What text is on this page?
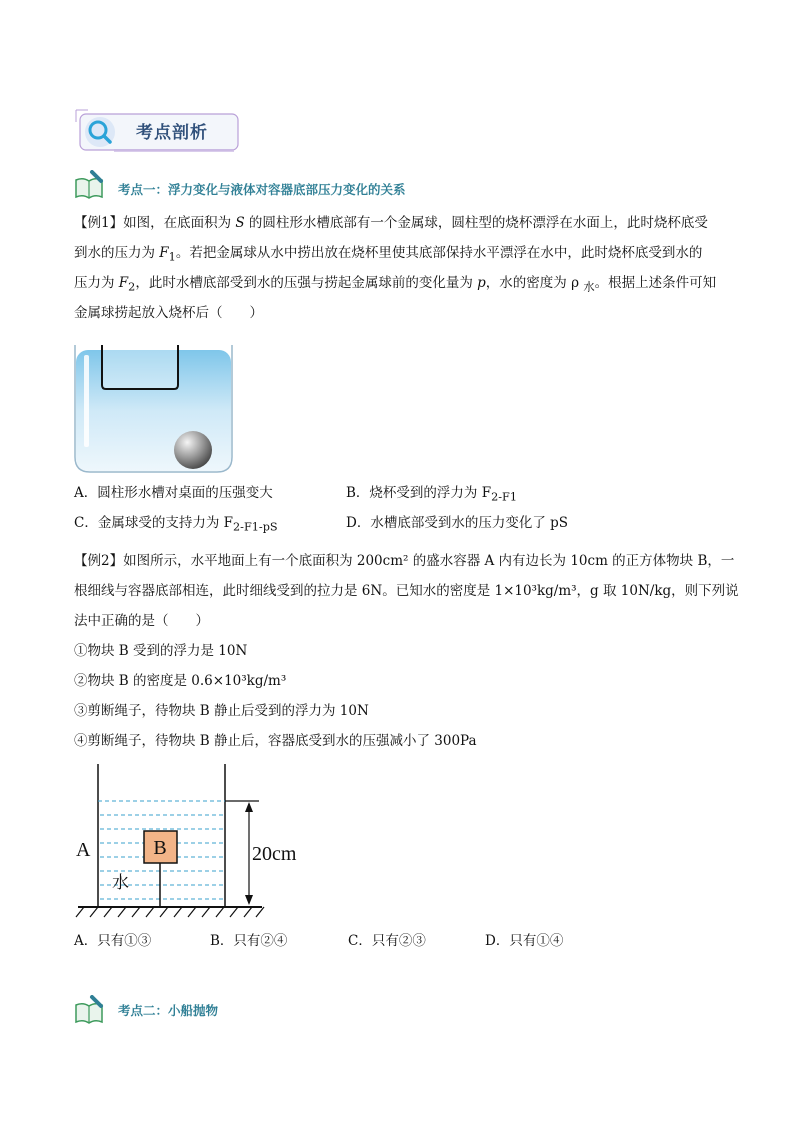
考点剖析
考点一：浮力变化与液体对容器底部压力变化的关系
【例1】如图，在底面积为 S 的圆柱形水槽底部有一个金属球，圆柱型的烧杯漂浮在水面上，此时烧杯底受
到水的压力为 $F_1$。若把金属球从水中捞出放在烧杯里使其底部保持水平漂浮在水中，此时烧杯底受到水的
压力为 $F_2$，此时水槽底部受到水的压强与捞起金属球前的变化量为 p，水的密度为 ρ $_水$。根据上述条件可知
金属球捞起放入烧杯后（　　）
A．圆柱形水槽对桌面的压强变大	B．烧杯受到的浮力为 $F_{2-F1}$
C．金属球受的支持力为 $F_{2-F1-pS}$	D．水槽底部受到水的压力变化了 pS
【例2】如图所示，水平地面上有一个底面积为 200cm² 的盛水容器 A 内有边长为 10cm 的正方体物块 B，一
根细线与容器底部相连，此时细线受到的拉力是 6N。已知水的密度是 1×10³kg/m³，g 取 10N/kg，则下列说
法中正确的是（　　）
①物块 B 受到的浮力是 10N
②物块 B 的密度是 0.6×10³kg/m³
③剪断绳子，待物块 B 静止后受到的浮力为 10N
④剪断绳子，待物块 B 静止后，容器底受到水的压强减小了 300Pa
B
A
水
20cm
A．只有①③	B．只有②④	C．只有②③	D．只有①④
考点二：小船抛物
